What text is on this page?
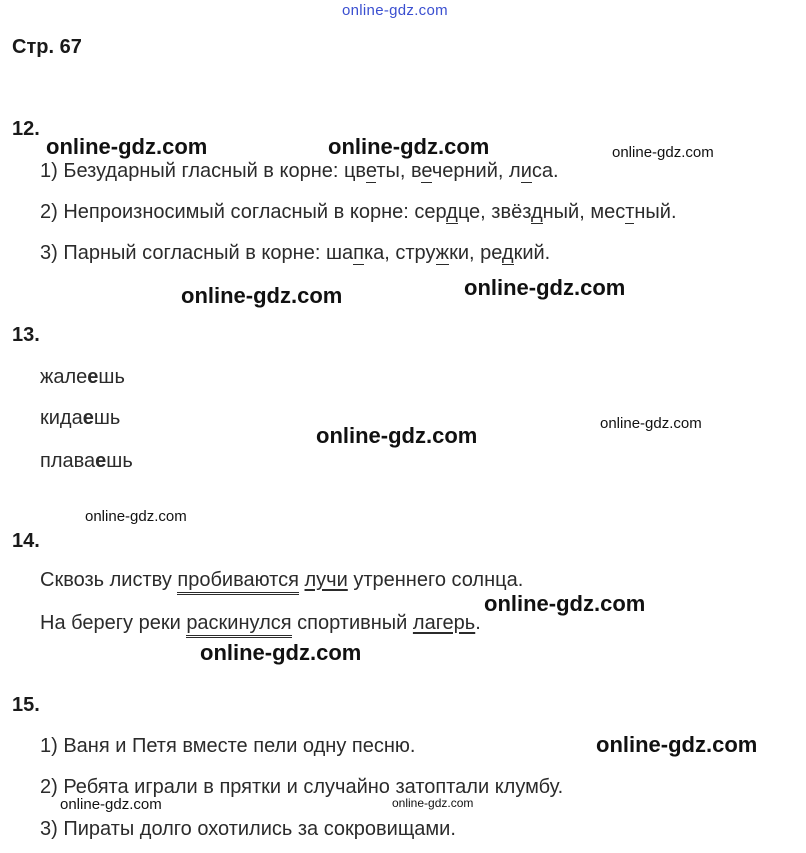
online-gdz.com
Стр. 67
12.
1) Безударный гласный в корне: цветы, вечерний, лиса.
2) Непроизносимый согласный в корне: сердце, звёздный, местный.
3) Парный согласный в корне: шапка, стружки, редкий.
13.
жалеешь
кидаешь
плаваешь
14.
Сквозь листву пробиваются лучи утреннего солнца.
На берегу реки раскинулся спортивный лагерь.
15.
1) Ваня и Петя вместе пели одну песню.
2) Ребята играли в прятки и случайно затоптали клумбу.
3) Пираты долго охотились за сокровищами.
online-gdz.com	online-gdz.com	online-gdz.com
online-gdz.com	online-gdz.com
online-gdz.com
online-gdz.com
online-gdz.com
online-gdz.com
online-gdz.com
online-gdz.com
online-gdz.com	online-gdz.com
